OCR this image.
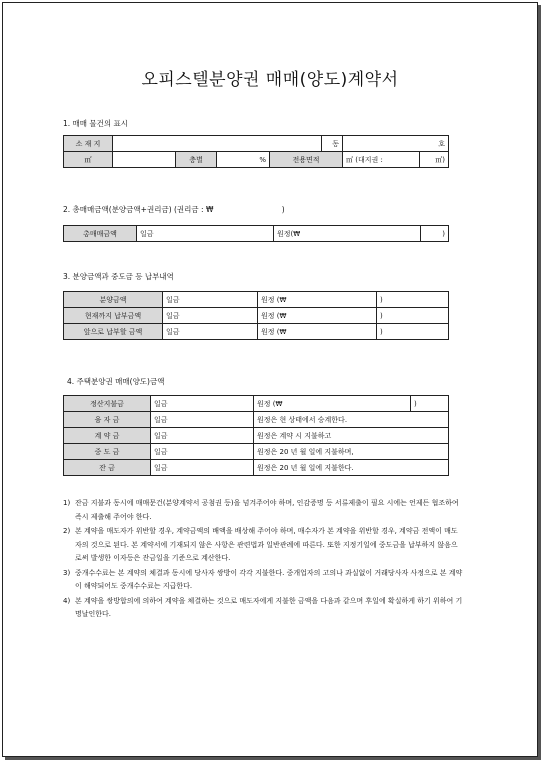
오피스텔분양권 매매(양도)계약서
1. 매매 물건의 표시
소 재 지					동	호	
㎡		층별	%	전용면적		㎡ (대지권 :	㎡)
2. 총매매금액(분양금액+권리금) (권리금 : ₩	)
총매매금액	일금	원정(₩	)
3. 분양금액과 중도금 등 납부내역
분양금액	일금	원정 (₩	)
현재까지 납부금액	일금	원정 (₩	)
앞으로 납부할 금액	일금	원정 (₩	)
4. 주택분양권 매매(양도)금액
정산지불금	일금	원정 (₩	)
융 자 금	일금	원정은 현 상태에서 승계한다.	
계 약 금	일금	원정은 계약 시 지불하고	
중 도 금	일금	원정은 20 년 월 일에 지불하며,	
잔 금	일금	원정은 20 년 월 일에 지불한다.	
1) 잔금 지불과 동시에 매매문건(분양계약서 공첨권 등)을 넘겨주어야 하며, 인감증명 등 서류제출이 필요 시에는 언제든 협조하여 즉시 제출해 주어야 한다.
2) 본 계약을 매도자가 위반할 경우, 계약금액의 배액을 배상해 주어야 하며, 매수자가 본 계약을 위반할 경우, 계약금 전액이 매도자의 것으로 된다. 본 계약서에 기재되지 않은 사항은 관련법과 일반관례에 따른다. 또한 지정기일에 중도금을 납부하지 않음으로써 발생한 이자등은 잔금일을 기준으로 계산한다.
3) 중개수수료는 본 계약의 체결과 동시에 당사자 쌍방이 각각 지불한다. 중개업자의 고의나 과실없이 거래당사자 사정으로 본 계약이 해약되어도 중개수수료는 지급한다.
4) 본 계약을 쌍방합의에 의하여 계약을 체결하는 것으로 매도자에게 지불한 금액을 다음과 같으며 후일에 확실하게 하기 위하여 기명날인한다.
